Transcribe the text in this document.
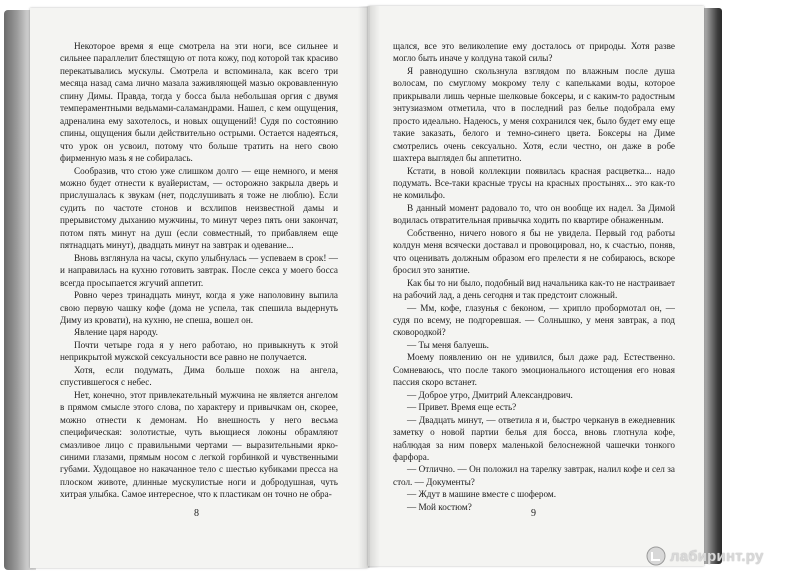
Некоторое время я еще смотрела на эти ноги, все сильнее и сильнее параллелит блестящую от пота кожу, под которой так красиво перекатывались мускулы. Смотрела и вспоминала, как всего три месяца назад сама лично мазала заживляющей мазью окровавленную спину Димы. Правда, тогда у босса была небольшая оргия с двумя темпераментными ведьмами-саламандрами. Нашел, с кем ощущения, адреналина ему захотелось, и новых ощущений! Судя по состоянию спины, ощущения были действительно острыми. Остается надеяться, что урок он усвоил, потому что больше тратить на него свою фирменную мазь я не собиралась.

Сообразив, что стою уже слишком долго — еще немного, и меня можно будет отнести к вуайеристам, — осторожно закрыла дверь и прислушалась к звукам (нет, подслушивать я тоже не люблю). Если судить по частоте стонов и всхлипов неизвестной дамы и прерывистому дыханию мужчины, то минут через пять они закончат, потом пять минут на душ (если совместный, то прибавляем еще пятнадцать минут), двадцать минут на завтрак и одевание...

Вновь взглянула на часы, скупо улыбнулась — успеваем в срок! — и направилась на кухню готовить завтрак. После секса у моего босса всегда просыпается жгучий аппетит.

Ровно через тринадцать минут, когда я уже наполовину выпила свою первую чашку кофе (дома не успела, так спешила выдернуть Диму из кровати), на кухню, не спеша, вошел он.

Явление царя народу.

Почти четыре года я у него работаю, но привыкнуть к этой неприкрытой мужской сексуальности все равно не получается.

Хотя, если подумать, Дима больше похож на ангела, спустившегося с небес.

Нет, конечно, этот привлекательный мужчина не является ангелом в прямом смысле этого слова, по характеру и привычкам он, скорее, можно отнести к демонам. Но внешность у него весьма специфическая: золотистые, чуть вьющиеся локоны обрамляют смазливое лицо с правильными чертами — выразительными ярко-синими глазами, прямым носом с легкой горбинкой и чувственными губами. Худощавое но накачанное тело с шестью кубиками пресса на плоском животе, длинные мускулистые ноги и добродушная, чуть хитрая улыбка. Самое интересное, что к пластикам он точно не обра-

8

щался, все это великолепие ему досталось от природы. Хотя разве могло быть иначе у колдуна такой силы?

Я равнодушно скользнула взглядом по влажным после душа волосам, по смуглому мокрому телу с капельками воды, которое прикрывали лишь черные шелковые боксеры, и с каким-то радостным энтузиазмом отметила, что в последний раз белье подобрала ему просто идеально. Надеюсь, у меня сохранился чек, было будет ему еще такие заказать, белого и темно-синего цвета. Боксеры на Диме смотрелись очень сексуально. Хотя, если честно, он даже в робе шахтера выглядел бы аппетитно.

Кстати, в новой коллекции появилась красная расцветка... надо подумать. Все-таки красные трусы на красных простынях... это как-то не комильфо.

В данный момент радовало то, что он вообще их надел. За Димой водилась отвратительная привычка ходить по квартире обнаженным.

Собственно, ничего нового я бы не увидела. Первый год работы колдун меня всячески доставал и провоцировал, но, к счастью, поняв, что оценивать должным образом его прелести я не собираюсь, вскоре бросил это занятие.

Как бы то ни было, подобный вид начальника как-то не настраивает на рабочий лад, а день сегодня и так предстоит сложный.

— Мм, кофе, глазунья с беконом, — хрипло пробормотал он, — судя по всему, не подгоревшая. — Солнышко, у меня завтрак, а под сковородкой?

— Ты меня балуешь.

Моему появлению он не удивился, был даже рад. Естественно. Сомневаюсь, что после такого эмоционального истощения его новая пассия скоро встанет.

— Доброе утро, Дмитрий Александрович.

— Привет. Время еще есть?

— Двадцать минут, — ответила я и, быстро черканув в ежедневник заметку о новой партии белья для босса, вновь глотнула кофе, наблюдая за ним поверх маленькой белоснежной чашечки тонкого фарфора.

— Отлично. — Он положил на тарелку завтрак, налил кофе и сел за стол. — Документы?

— Ждут в машине вместе с шофером.

— Мой костюм?

9
лабиринт.ру
